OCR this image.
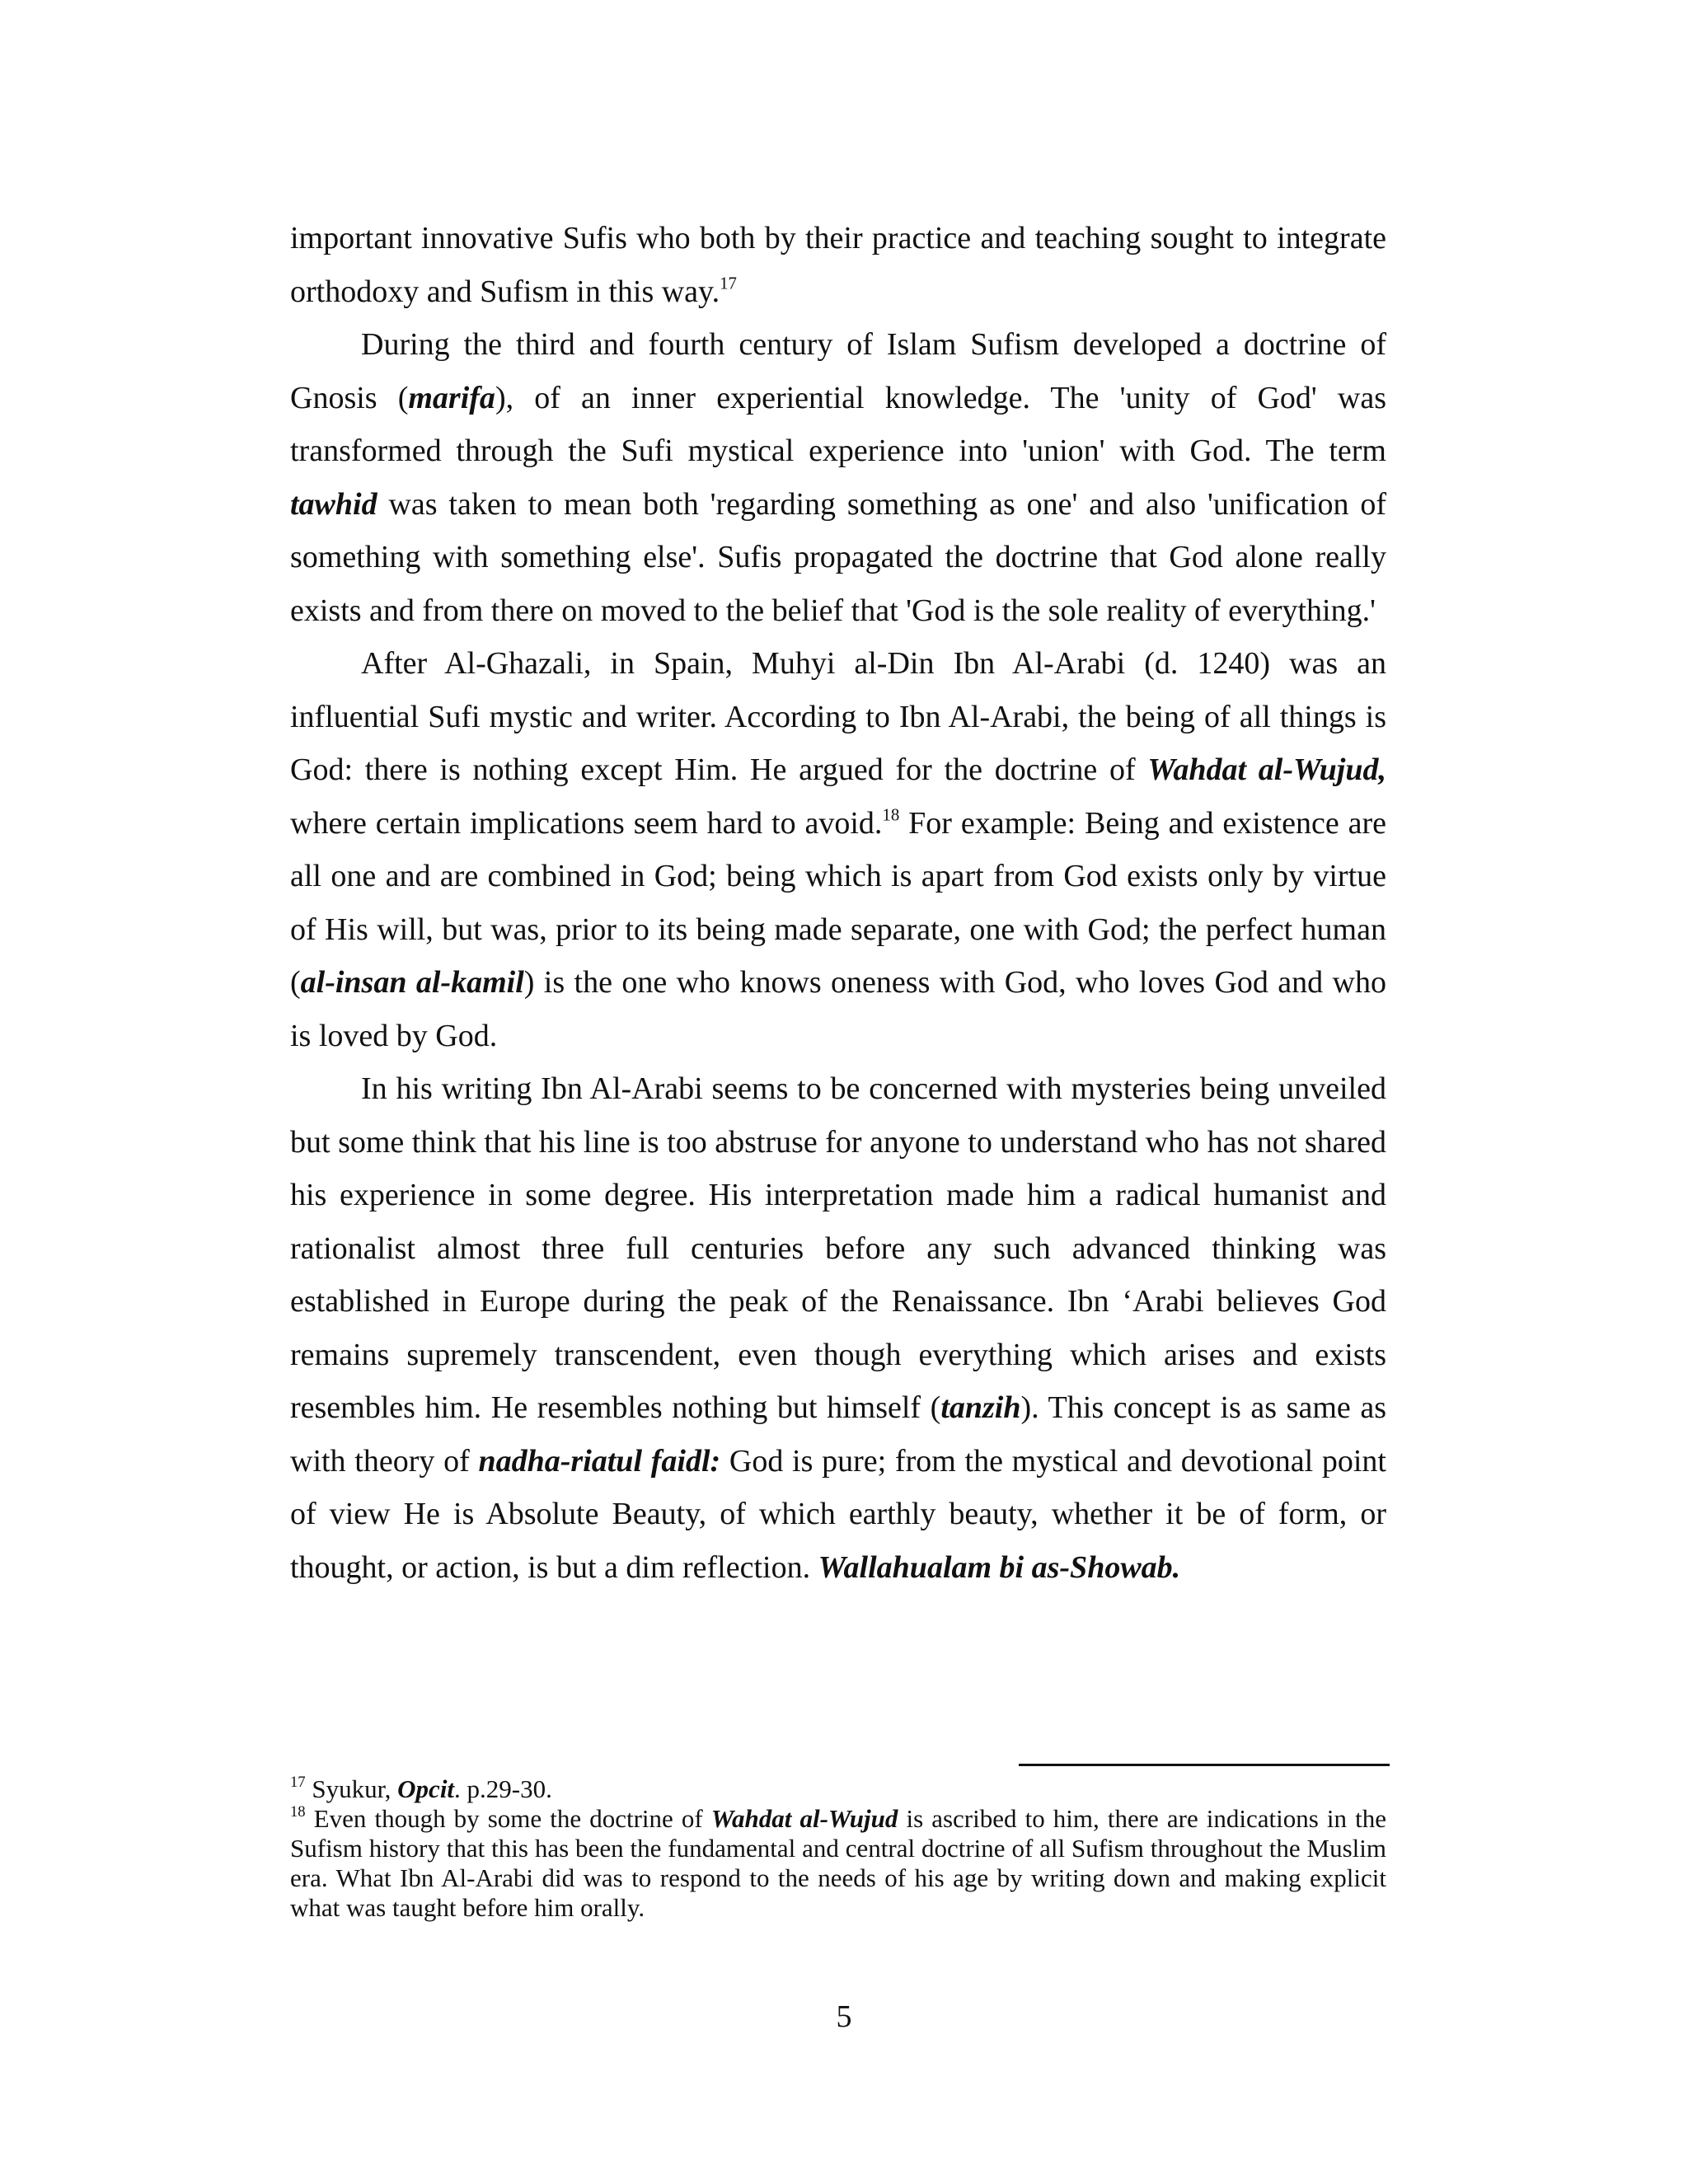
important innovative Sufis who both by their practice and teaching sought to integrate orthodoxy and Sufism in this way.$^{17}$

During the third and fourth century of Islam Sufism developed a doctrine of Gnosis (marifa), of an inner experiential knowledge. The 'unity of God' was transformed through the Sufi mystical experience into 'union' with God. The term tawhid was taken to mean both 'regarding something as one' and also 'unification of something with something else'. Sufis propagated the doctrine that God alone really exists and from there on moved to the belief that 'God is the sole reality of everything.'

After Al-Ghazali, in Spain, Muhyi al-Din Ibn Al-Arabi (d. 1240) was an influential Sufi mystic and writer. According to Ibn Al-Arabi, the being of all things is God: there is nothing except Him. He argued for the doctrine of Wahdat al-Wujud, where certain implications seem hard to avoid.$^{18}$ For example: Being and existence are all one and are combined in God; being which is apart from God exists only by virtue of His will, but was, prior to its being made separate, one with God; the perfect human (al-insan al-kamil) is the one who knows oneness with God, who loves God and who is loved by God.

In his writing Ibn Al-Arabi seems to be concerned with mysteries being unveiled but some think that his line is too abstruse for anyone to understand who has not shared his experience in some degree. His interpretation made him a radical humanist and rationalist almost three full centuries before any such advanced thinking was established in Europe during the peak of the Renaissance. Ibn ‘Arabi believes God remains supremely transcendent, even though everything which arises and exists resembles him. He resembles nothing but himself (tanzih). This concept is as same as with theory of nadha-riatul faidl: God is pure; from the mystical and devotional point of view He is Absolute Beauty, of which earthly beauty, whether it be of form, or thought, or action, is but a dim reflection. Wallahualam bi as-Showab.

$^{17}$ Syukur, Opcit. p.29-30.

$^{18}$ Even though by some the doctrine of Wahdat al-Wujud is ascribed to him, there are indications in the Sufism history that this has been the fundamental and central doctrine of all Sufism throughout the Muslim era. What Ibn Al-Arabi did was to respond to the needs of his age by writing down and making explicit what was taught before him orally.

5
